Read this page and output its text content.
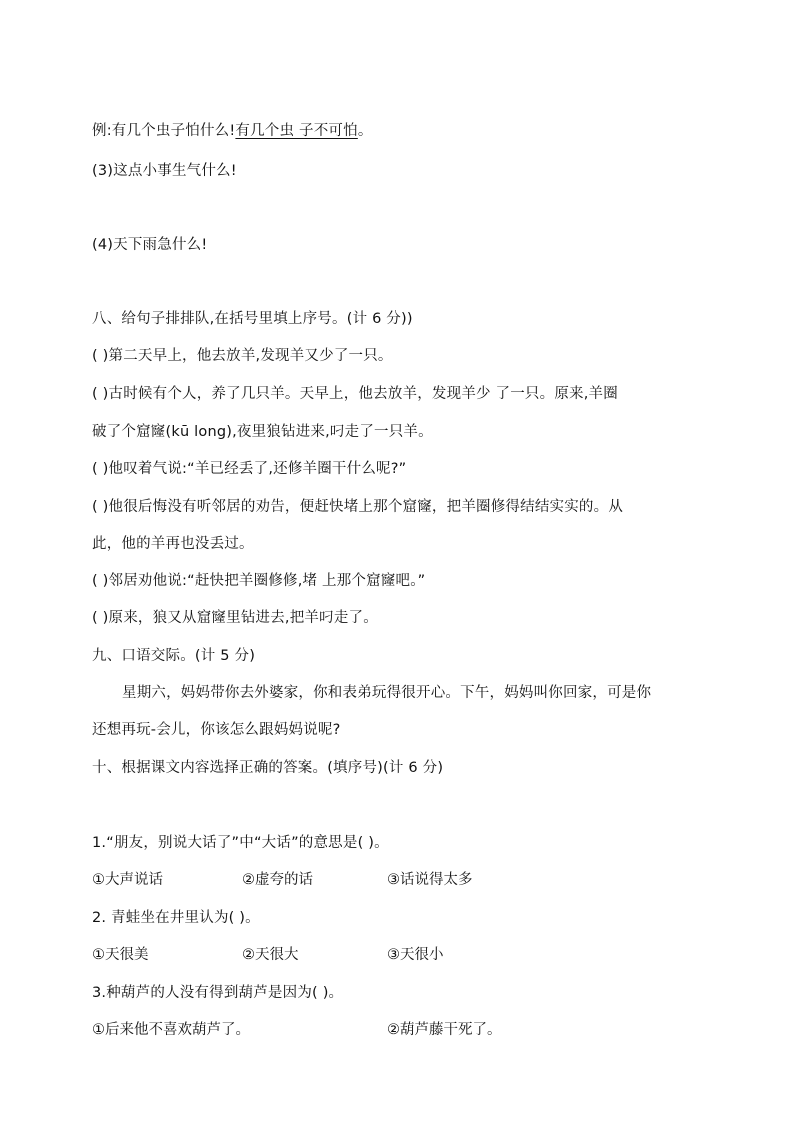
例:有几个虫子怕什么!有几个虫 子不可怕。
(3)这点小事生气什么!
(4)天下雨急什么!
八、给句子排排队,在括号里填上序号。(计 6 分))
( )第二天早上，他去放羊,发现羊又少了一只。
( )古时候有个人，养了几只羊。天早上，他去放羊，发现羊少 了一只。原来,羊圈
破了个窟窿(kū long),夜里狼钻进来,叼走了一只羊。
( )他叹着气说:“羊已经丢了,还修羊圈干什么呢?”
( )他很后悔没有听邻居的劝告，便赶快堵上那个窟窿，把羊圈修得结结实实的。从
此，他的羊再也没丢过。
( )邻居劝他说:“赶快把羊圈修修,堵 上那个窟窿吧。”
( )原来，狼又从窟窿里钻进去,把羊叼走了。
九、口语交际。(计 5 分)
星期六，妈妈带你去外婆家，你和表弟玩得很开心。下午，妈妈叫你回家，可是你
还想再玩-会儿，你该怎么跟妈妈说呢?
十、根据课文内容选择正确的答案。(填序号)(计 6 分)
1.“朋友，别说大话了”中“大话”的意思是( )。
①大声说话	②虚夸的话	③话说得太多
2. 青蛙坐在井里认为( )。
①天很美	②天很大	③天很小
3.种葫芦的人没有得到葫芦是因为( )。
①后来他不喜欢葫芦了。	②葫芦藤干死了。
